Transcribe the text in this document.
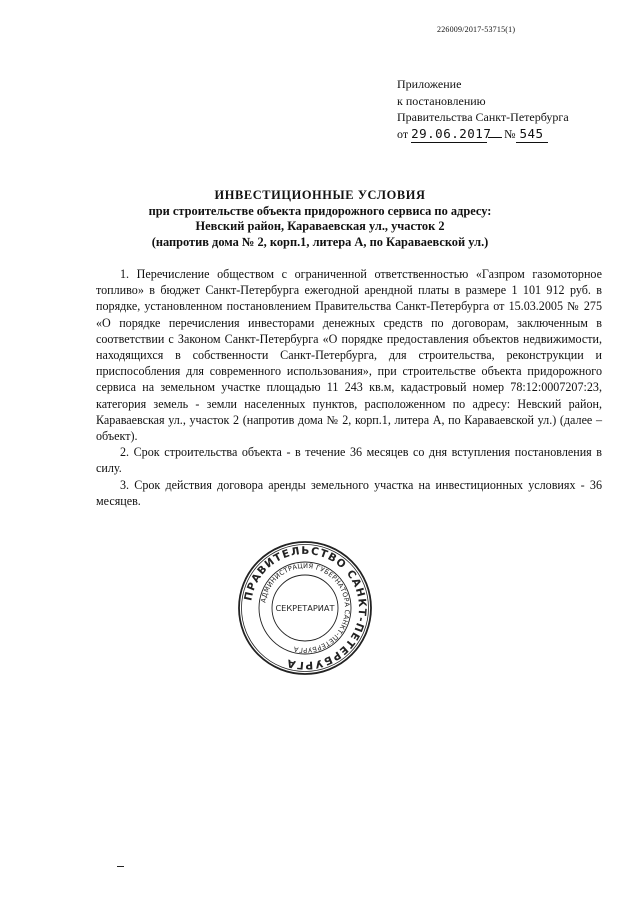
226009/2017-53715(1)
Приложение
к постановлению
Правительства Санкт-Петербурга
от 29.06.2017 № 545
ИНВЕСТИЦИОННЫЕ УСЛОВИЯ
при строительстве объекта придорожного сервиса по адресу:
Невский район, Караваевская ул., участок 2
(напротив дома № 2, корп.1, литера А, по Караваевской ул.)

1. Перечисление обществом с ограниченной ответственностью «Газпром газомоторное топливо» в бюджет Санкт-Петербурга ежегодной арендной платы в размере 1 101 912 руб. в порядке, установленном постановлением Правительства Санкт-Петербурга от 15.03.2005 № 275 «О порядке перечисления инвесторами денежных средств по договорам, заключенным в соответствии с Законом Санкт-Петербурга «О порядке предоставления объектов недвижимости, находящихся в собственности Санкт-Петербурга, для строительства, реконструкции и приспособления для современного использования», при строительстве объекта придорожного сервиса на земельном участке площадью 11 243 кв.м, кадастровый номер 78:12:0007207:23, категория земель - земли населенных пунктов, расположенном по адресу: Невский район, Караваевская ул., участок 2 (напротив дома № 2, корп.1, литера А, по Караваевской ул.) (далее – объект).

2. Срок строительства объекта - в течение 36 месяцев со дня вступления постановления в силу.

3. Срок действия договора аренды земельного участка на инвестиционных условиях - 36 месяцев.

ПРАВИТЕЛЬСТВО САНКТ-ПЕТЕРБУРГА
АДМИНИСТРАЦИЯ ГУБЕРНАТОРА САНКТ-ПЕТЕРБУРГА
СЕКРЕТАРИАТ
